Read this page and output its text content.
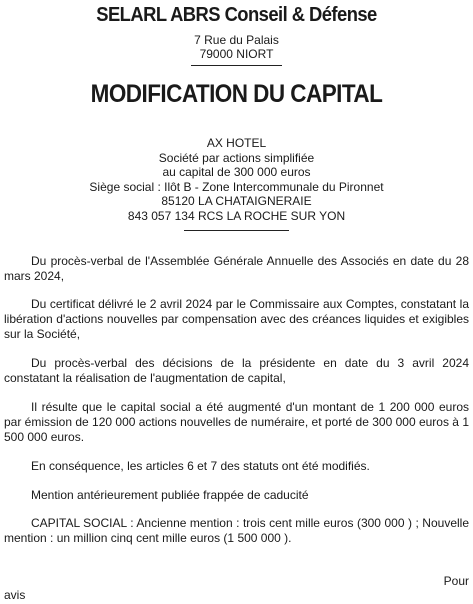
SELARL ABRS Conseil & Défense
7 Rue du Palais
79000 NIORT
MODIFICATION DU CAPITAL
AX HOTEL
Société par actions simplifiée
au capital de 300 000 euros
Siège social : Ilôt B - Zone Intercommunale du Pironnet
85120 LA CHATAIGNERAIE
843 057 134 RCS LA ROCHE SUR YON
Du procès-verbal de l'Assemblée Générale Annuelle des Associés en date du 28 mars 2024,
Du certificat délivré le 2 avril 2024 par le Commissaire aux Comptes, constatant la libération d'actions nouvelles par compensation avec des créances liquides et exigibles sur la Société,
Du procès-verbal des décisions de la présidente en date du 3 avril 2024 constatant la réalisation de l'augmentation de capital,
Il résulte que le capital social a été augmenté d'un montant de 1 200 000 euros par émission de 120 000 actions nouvelles de numéraire, et porté de 300 000 euros à 1 500 000 euros.
En conséquence, les articles 6 et 7 des statuts ont été modifiés.
Mention antérieurement publiée frappée de caducité
CAPITAL SOCIAL : Ancienne mention : trois cent mille euros (300 000 ) ; Nouvelle mention : un million cinq cent mille euros (1 500 000 ).
Pour
avis
